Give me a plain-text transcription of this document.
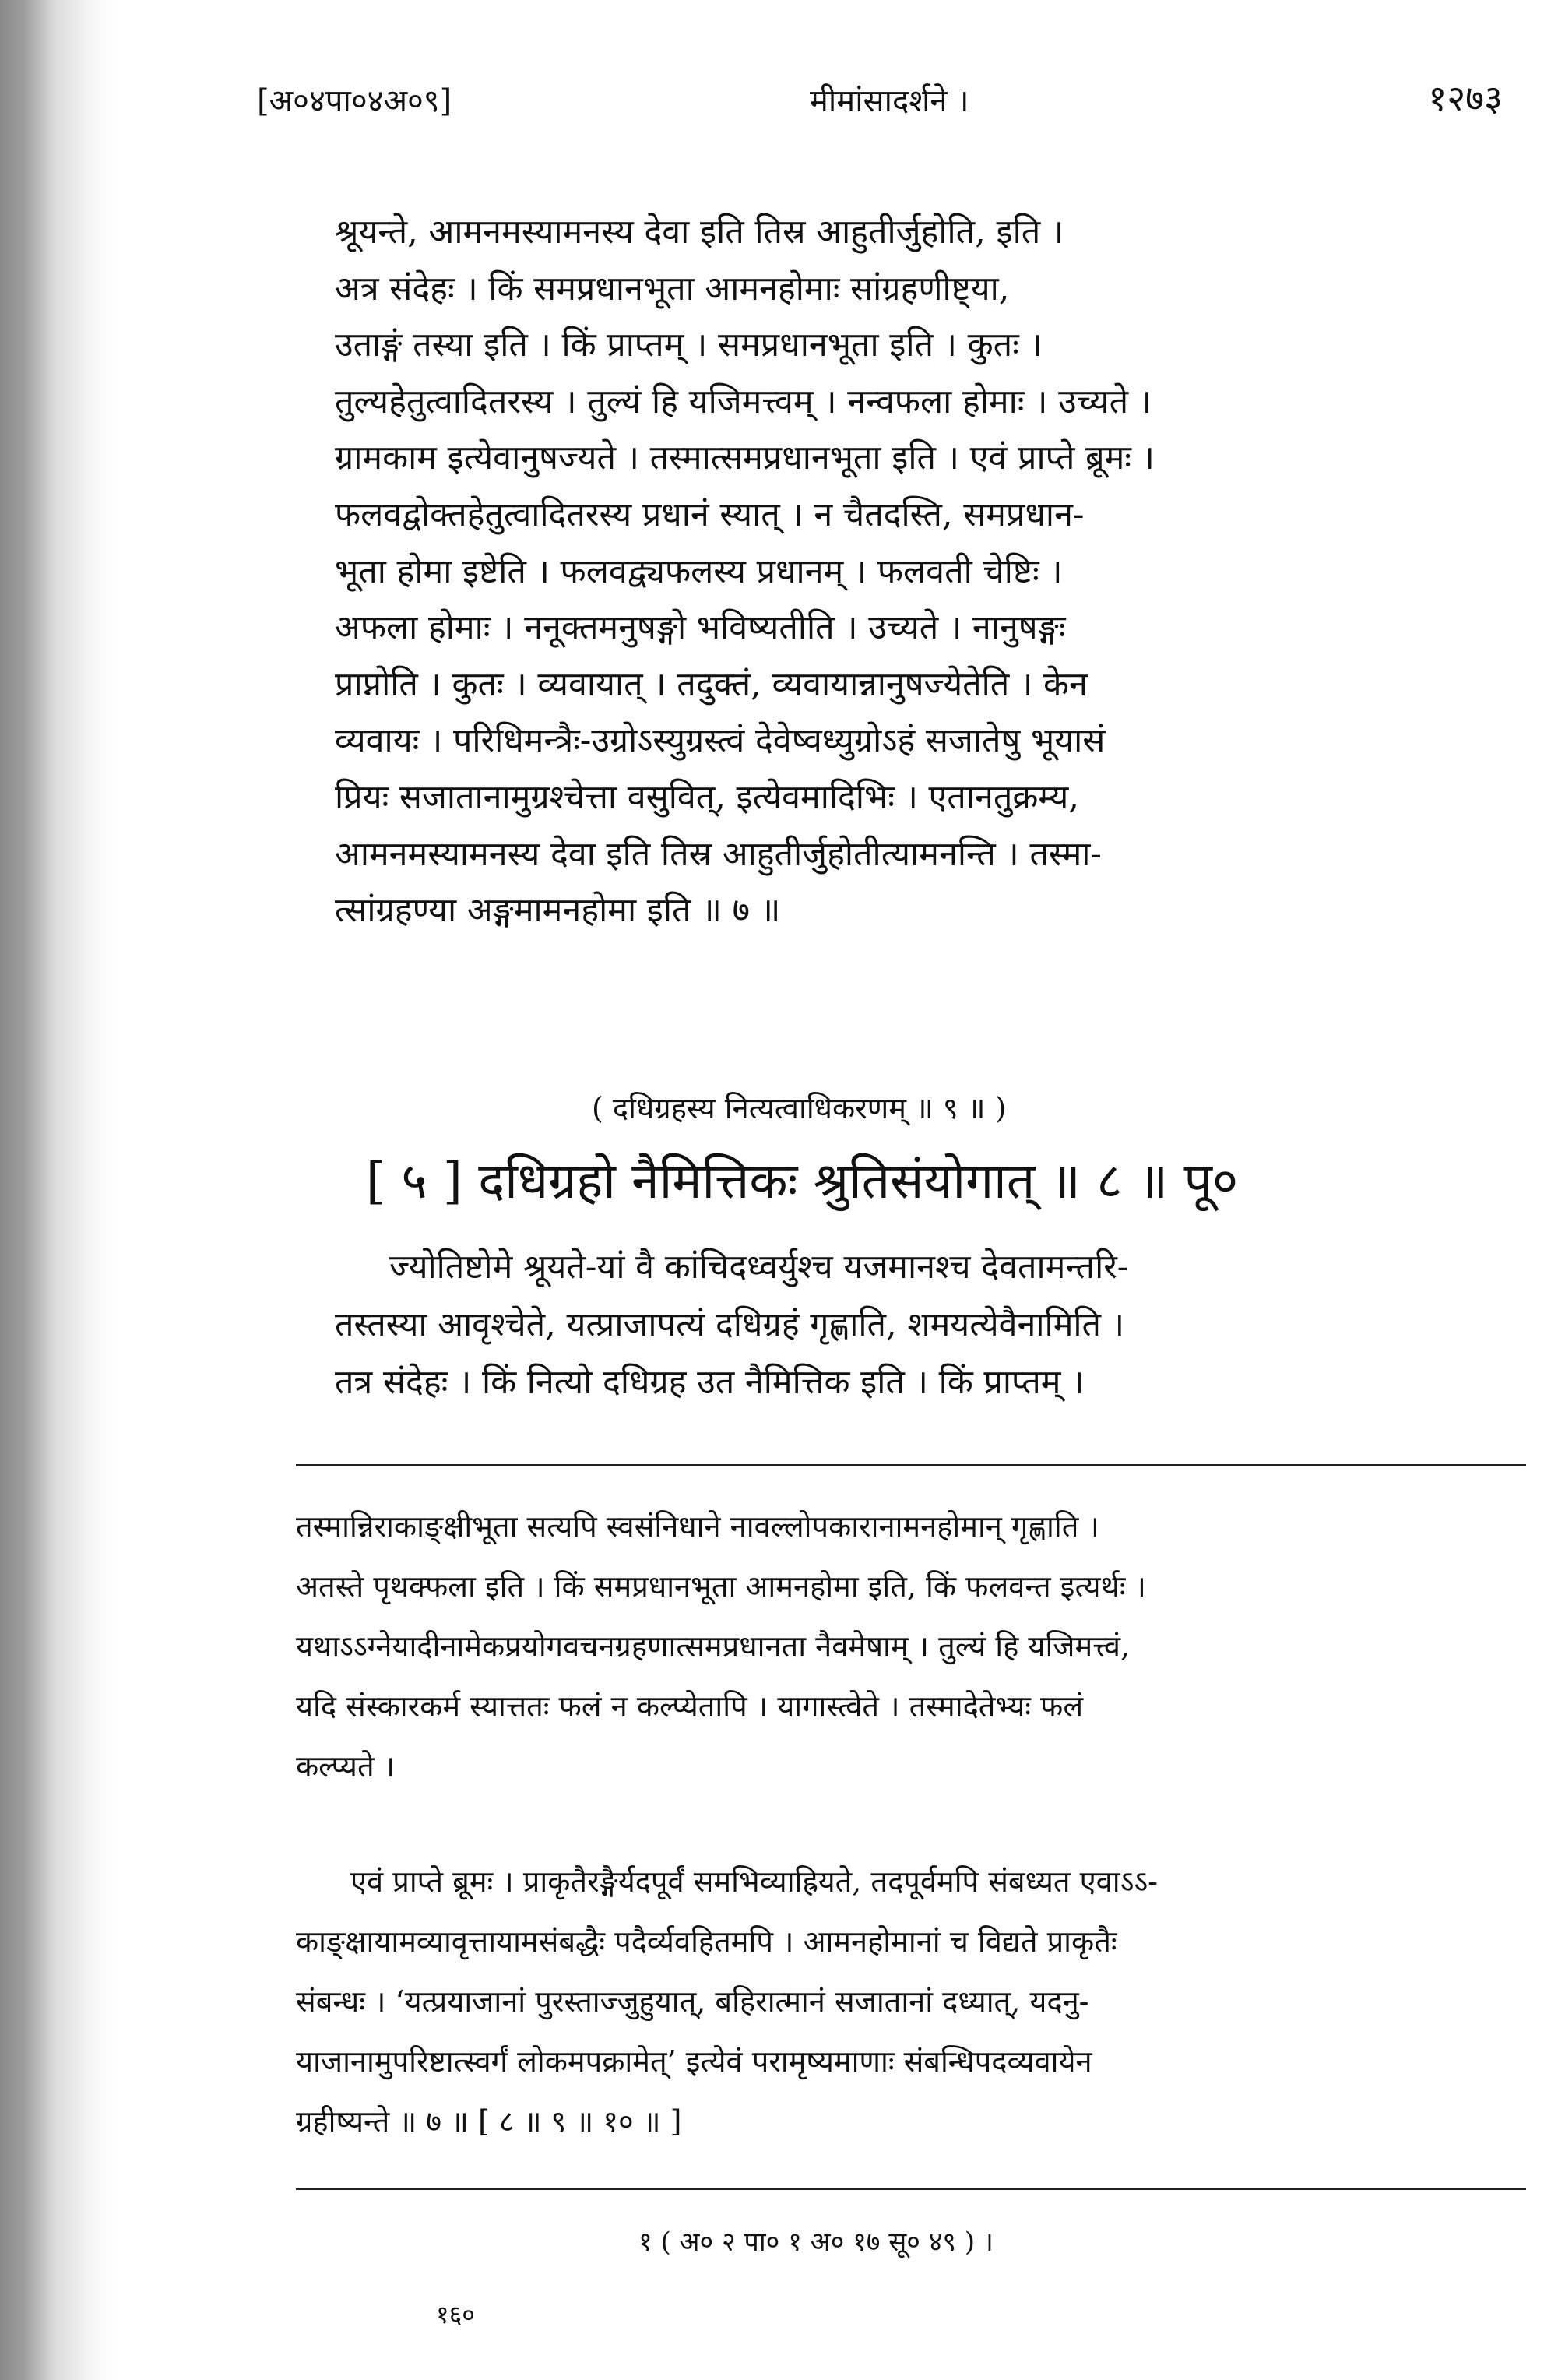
[अ०४पा०४अ०९]	मीमांसादर्शने ।	१२७३
श्रूयन्ते, आमनमस्यामनस्य देवा इति तिस्र आहुतीर्जुहोति, इति ।
अत्र संदेहः । किं समप्रधानभूता आमनहोमाः सांग्रहणीष्ट्या,
उताङ्गं तस्या इति । किं प्राप्तम् । समप्रधानभूता इति । कुतः ।
तुल्यहेतुत्वादितरस्य । तुल्यं हि यजिमत्त्वम् । नन्वफला होमाः । उच्यते ।
ग्रामकाम इत्येवानुषज्यते । तस्मात्समप्रधानभूता इति । एवं प्राप्ते ब्रूमः ।
फलवद्वोक्तहेतुत्वादितरस्य प्रधानं स्यात् । न चैतदस्ति, समप्रधान-
भूता होमा इष्टेति । फलवद्व्यफलस्य प्रधानम् । फलवती चेष्टिः ।
अफला होमाः । ननूक्तमनुषङ्गो भविष्यतीति । उच्यते । नानुषङ्गः
प्राप्नोति । कुतः । व्यवायात् । तदुक्तं, व्यवायान्नानुषज्येतेति । केन
व्यवायः । परिधिमन्त्रैः-उग्रोऽस्युग्रस्त्वं देवेष्वध्युग्रोऽहं सजातेषु भूयासं
प्रियः सजातानामुग्रश्चेत्ता वसुवित्, इत्येवमादिभिः । एतानतुक्रम्य,
आमनमस्यामनस्य देवा इति तिस्र आहुतीर्जुहोतीत्यामनन्ति । तस्मा-
त्सांग्रहण्या अङ्गमामनहोमा इति ॥ ७ ॥
( दधिग्रहस्य नित्यत्वाधिकरणम् ॥ ९ ॥ )
[ ५ ] दधिग्रहो नैमित्तिकः श्रुतिसंयोगात् ॥ ८ ॥ पू०
ज्योतिष्टोमे श्रूयते-यां वै कांचिदध्वर्युश्च यजमानश्च देवतामन्तरि-
तस्तस्या आवृश्चेते, यत्प्राजापत्यं दधिग्रहं गृह्णाति, शमयत्येवैनामिति ।
तत्र संदेहः । किं नित्यो दधिग्रह उत नैमित्तिक इति । किं प्राप्तम् ।
तस्मान्निराकाङ्क्षीभूता सत्यपि स्वसंनिधाने नावल्लोपकारानामनहोमान् गृह्णाति ।
अतस्ते पृथक्फला इति । किं समप्रधानभूता आमनहोमा इति, किं फलवन्त इत्यर्थः ।
यथाऽऽग्नेयादीनामेकप्रयोगवचनग्रहणात्समप्रधानता नैवमेषाम् । तुल्यं हि यजिमत्त्वं,
यदि संस्कारकर्म स्यात्ततः फलं न कल्प्येतापि । यागास्त्वेते । तस्मादेतेभ्यः फलं
कल्प्यते ।
एवं प्राप्ते ब्रूमः । प्राकृतैरङ्गैर्यदपूर्वं समभिव्याह्रियते, तदपूर्वमपि संबध्यत एवाऽऽ-
काङ्क्षायामव्यावृत्तायामसंबद्धैः पदैर्व्यवहितमपि । आमनहोमानां च विद्यते प्राकृतैः
संबन्धः । ‘यत्प्रयाजानां पुरस्ताज्जुहुयात्, बहिरात्मानं सजातानां दध्यात्, यदनु-
याजानामुपरिष्टात्स्वर्गं लोकमपक्रामेत्’ इत्येवं परामृष्यमाणाः संबन्धिपदव्यवायेन
ग्रहीष्यन्ते ॥ ७ ॥ [ ८ ॥ ९ ॥ १० ॥ ]
१ ( अ० २ पा० १ अ० १७ सू० ४९ ) ।
१६०
